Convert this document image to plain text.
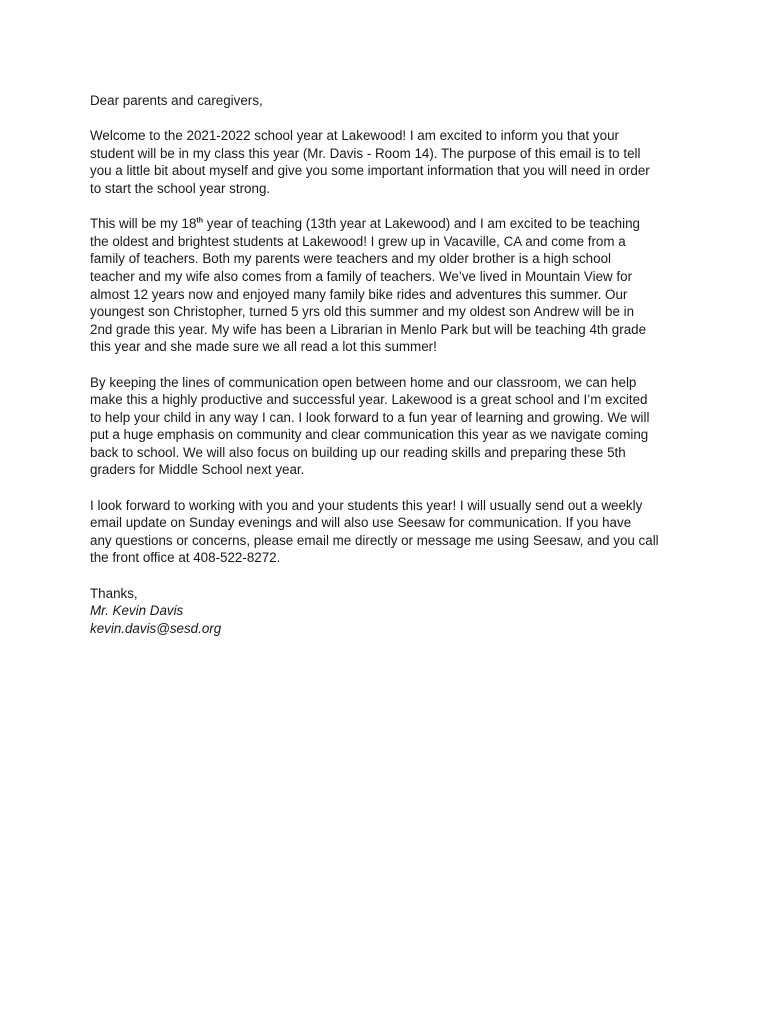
Dear parents and caregivers,

Welcome to the 2021-2022 school year at Lakewood! I am excited to inform you that your
student will be in my class this year (Mr. Davis - Room 14). The purpose of this email is to tell
you a little bit about myself and give you some important information that you will need in order
to start the school year strong.

This will be my 18th year of teaching (13th year at Lakewood) and I am excited to be teaching
the oldest and brightest students at Lakewood! I grew up in Vacaville, CA and come from a
family of teachers. Both my parents were teachers and my older brother is a high school
teacher and my wife also comes from a family of teachers. We’ve lived in Mountain View for
almost 12 years now and enjoyed many family bike rides and adventures this summer. Our
youngest son Christopher, turned 5 yrs old this summer and my oldest son Andrew will be in
2nd grade this year. My wife has been a Librarian in Menlo Park but will be teaching 4th grade
this year and she made sure we all read a lot this summer!

By keeping the lines of communication open between home and our classroom, we can help
make this a highly productive and successful year. Lakewood is a great school and I’m excited
to help your child in any way I can. I look forward to a fun year of learning and growing. We will
put a huge emphasis on community and clear communication this year as we navigate coming
back to school. We will also focus on building up our reading skills and preparing these 5th
graders for Middle School next year.

I look forward to working with you and your students this year! I will usually send out a weekly
email update on Sunday evenings and will also use Seesaw for communication. If you have
any questions or concerns, please email me directly or message me using Seesaw, and you call
the front office at 408-522-8272.

Thanks,
Mr. Kevin Davis
kevin.davis@sesd.org
